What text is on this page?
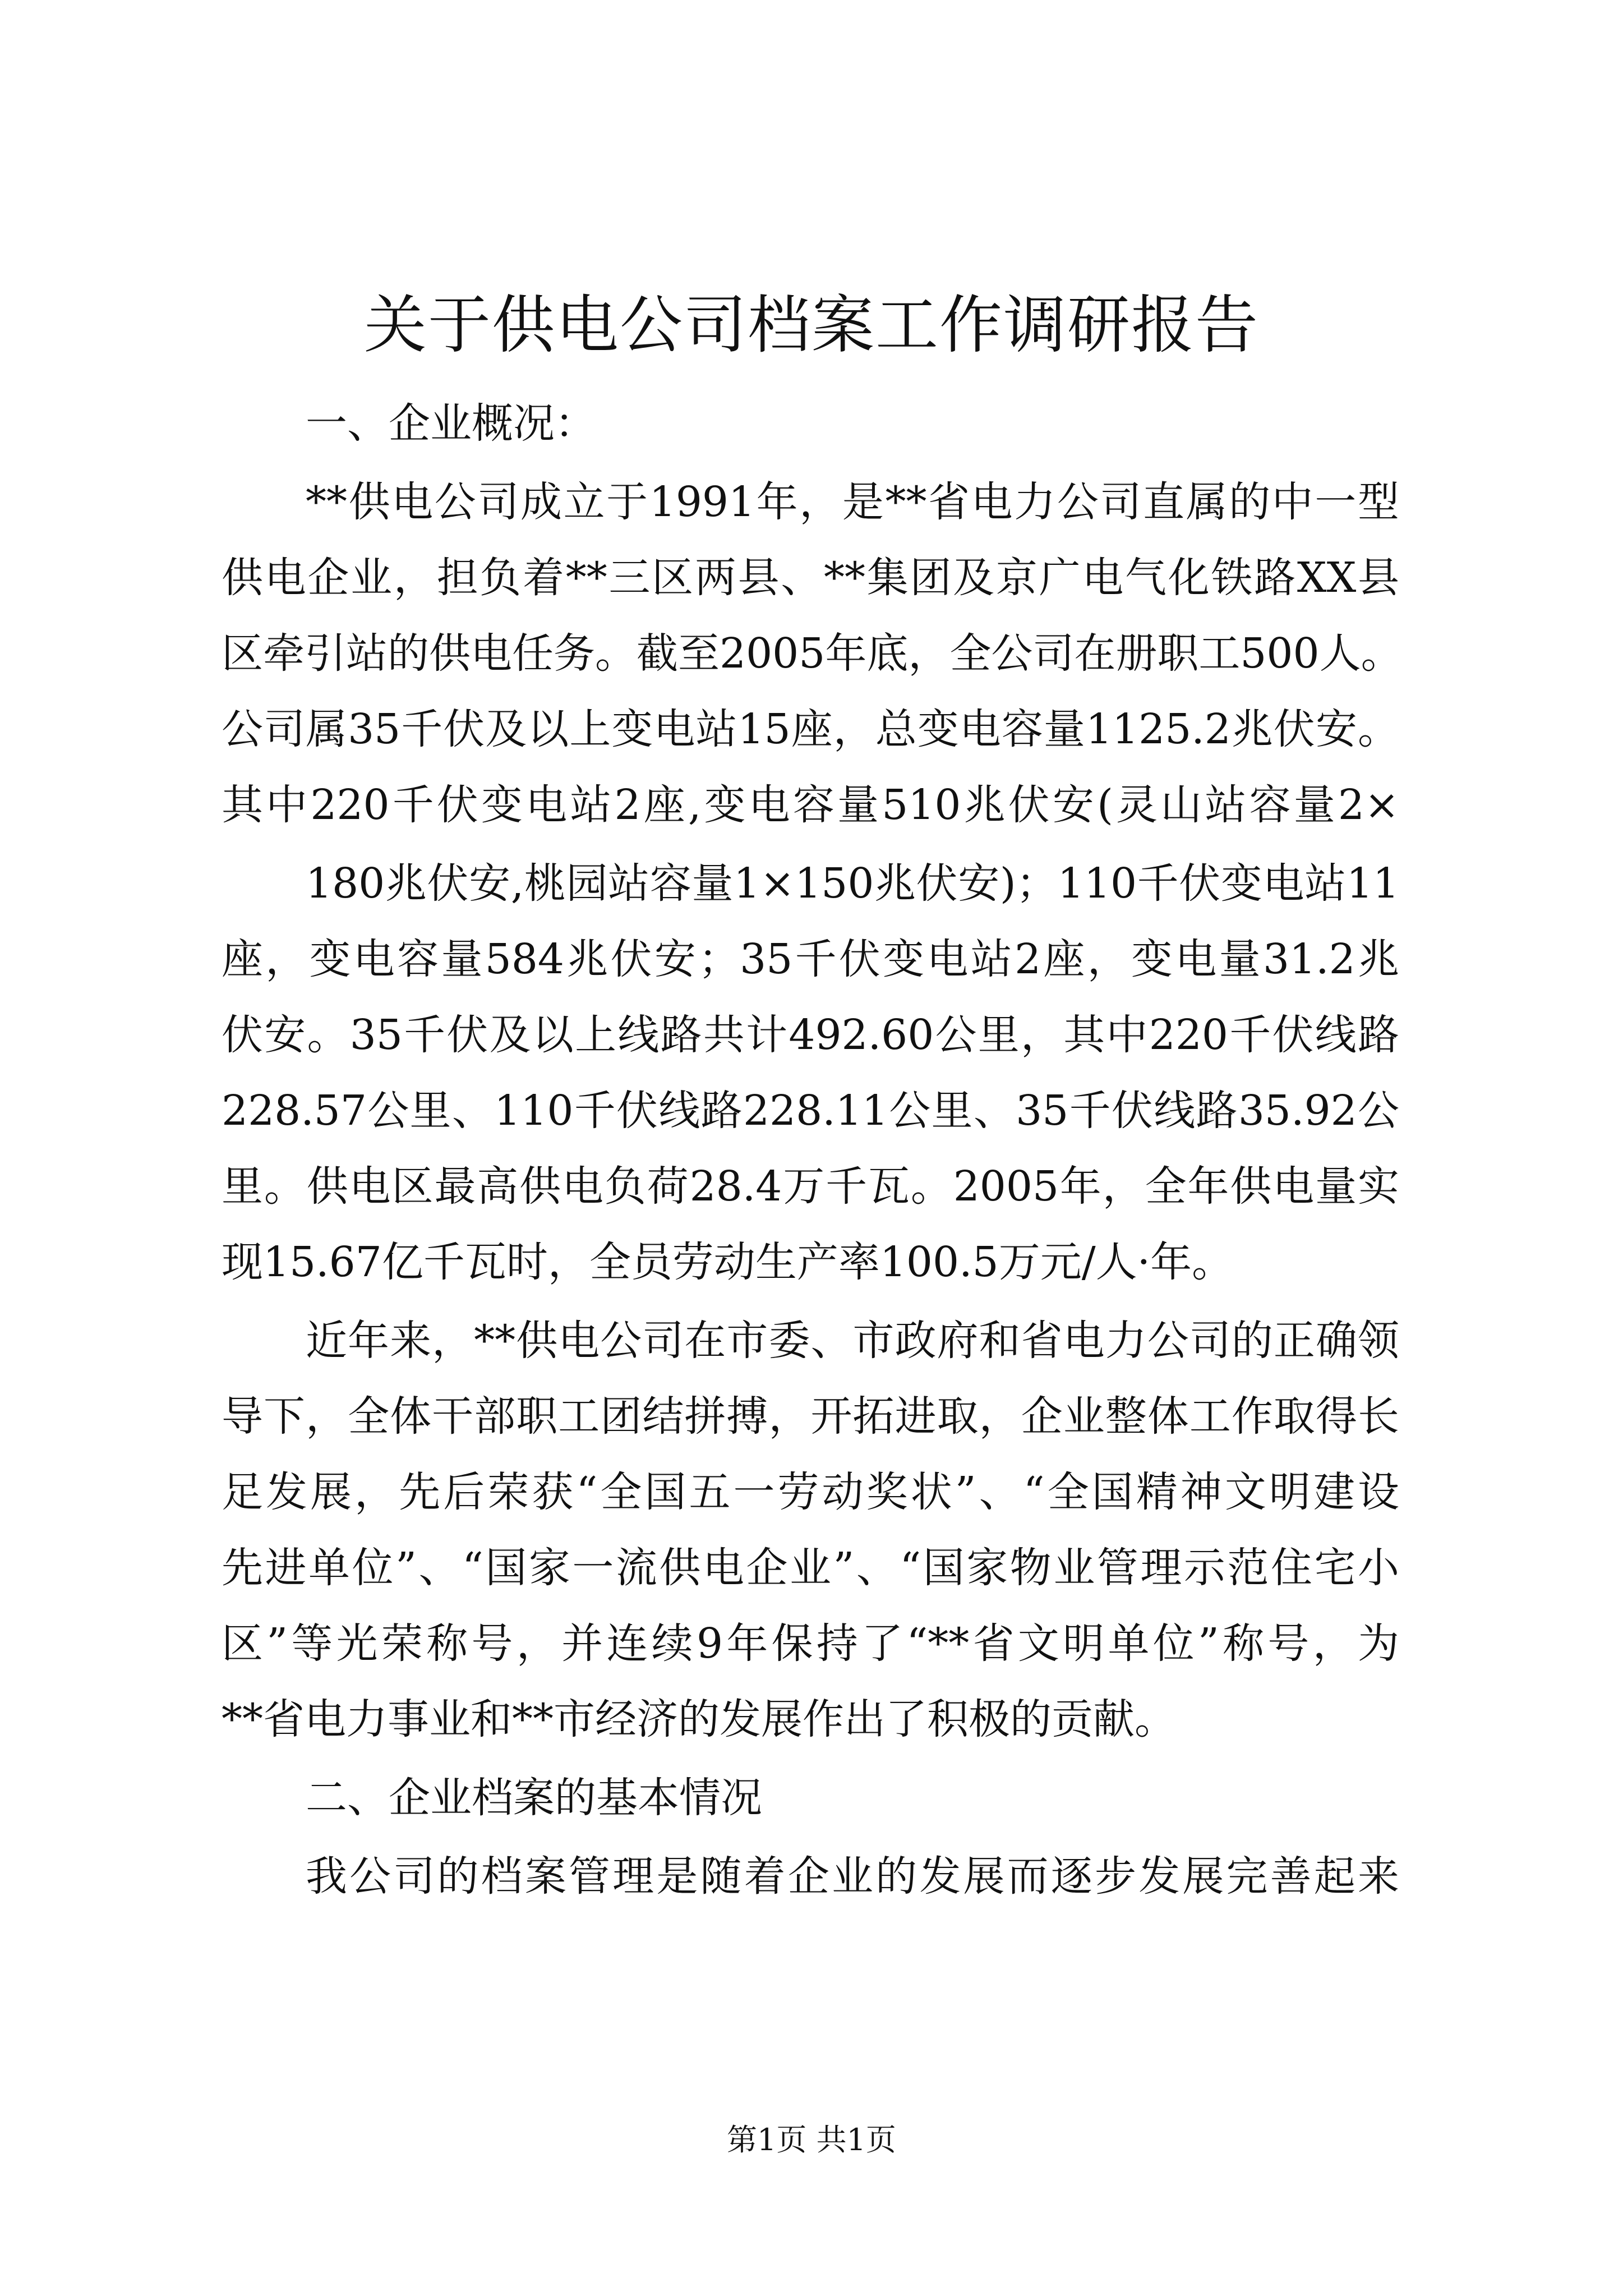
关于供电公司档案工作调研报告

一、企业概况：

**供电公司成立于1991年，是**省电力公司直属的中一型

供电企业，担负着**三区两县、**集团及京广电气化铁路XX县

区牵引站的供电任务。截至2005年底，全公司在册职工500人。

公司属35千伏及以上变电站15座，总变电容量1125.2兆伏安。

其中220千伏变电站2座,变电容量510兆伏安(灵山站容量2×

180兆伏安,桃园站容量1×150兆伏安)；110千伏变电站11

座，变电容量584兆伏安；35千伏变电站2座，变电量31.2兆

伏安。35千伏及以上线路共计492.60公里，其中220千伏线路

228.57公里、110千伏线路228.11公里、35千伏线路35.92公

里。供电区最高供电负荷28.4万千瓦。2005年，全年供电量实

现15.67亿千瓦时，全员劳动生产率100.5万元/人·年。

近年来，**供电公司在市委、市政府和省电力公司的正确领

导下，全体干部职工团结拼搏，开拓进取，企业整体工作取得长

足发展，先后荣获“全国五一劳动奖状”、“全国精神文明建设

先进单位”、“国家一流供电企业”、“国家物业管理示范住宅小

区”等光荣称号，并连续9年保持了“**省文明单位”称号，为

**省电力事业和**市经济的发展作出了积极的贡献。

二、企业档案的基本情况

我公司的档案管理是随着企业的发展而逐步发展完善起来

第1页 共1页
